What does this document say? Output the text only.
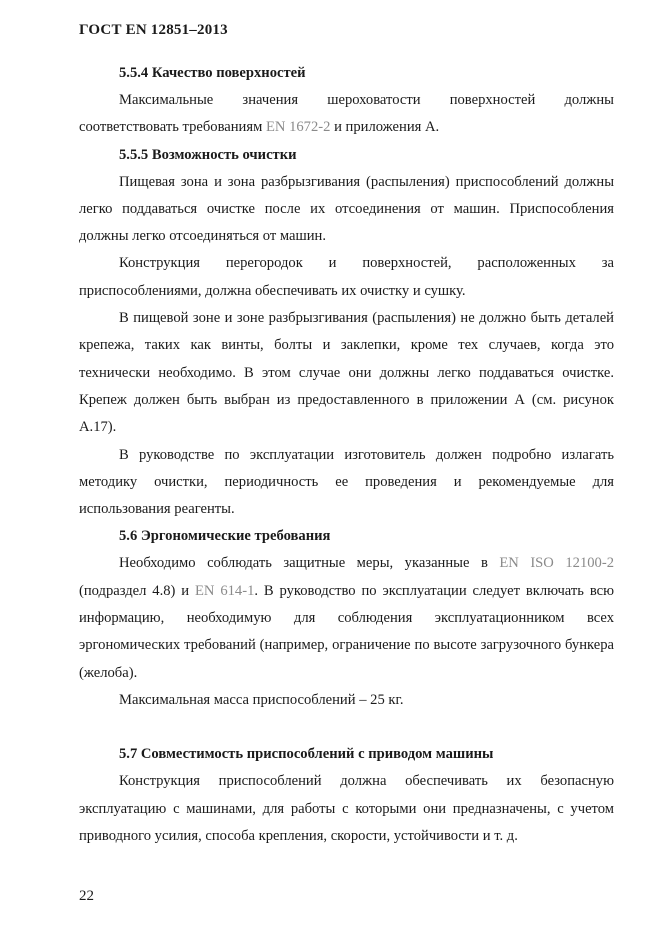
ГОСТ EN 12851–2013

5.5.4 Качество поверхностей

Максимальные значения шероховатости поверхностей должны соответствовать требованиям EN 1672-2 и приложения А.

5.5.5 Возможность очистки

Пищевая зона и зона разбрызгивания (распыления) приспособлений должны легко поддаваться очистке после их отсоединения от машин. Приспособления должны легко отсоединяться от машин.

Конструкция перегородок и поверхностей, расположенных за приспособлениями, должна обеспечивать их очистку и сушку.

В пищевой зоне и зоне разбрызгивания (распыления) не должно быть деталей крепежа, таких как винты, болты и заклепки, кроме тех случаев, когда это технически необходимо. В этом случае они должны легко поддаваться очистке. Крепеж должен быть выбран из предоставленного в приложении А (см. рисунок А.17).

В руководстве по эксплуатации изготовитель должен подробно излагать методику очистки, периодичность ее проведения и рекомендуемые для использования реагенты.

5.6 Эргономические требования

Необходимо соблюдать защитные меры, указанные в EN ISO 12100-2 (подраздел 4.8) и EN 614-1. В руководство по эксплуатации следует включать всю информацию, необходимую для соблюдения эксплуатационником всех эргономических требований (например, ограничение по высоте загрузочного бункера (желоба).

Максимальная масса приспособлений – 25 кг.

5.7 Совместимость приспособлений с приводом машины

Конструкция приспособлений должна обеспечивать их безопасную эксплуатацию с машинами, для работы с которыми они предназначены, с учетом приводного усилия, способа крепления, скорости, устойчивости и т. д.

22
